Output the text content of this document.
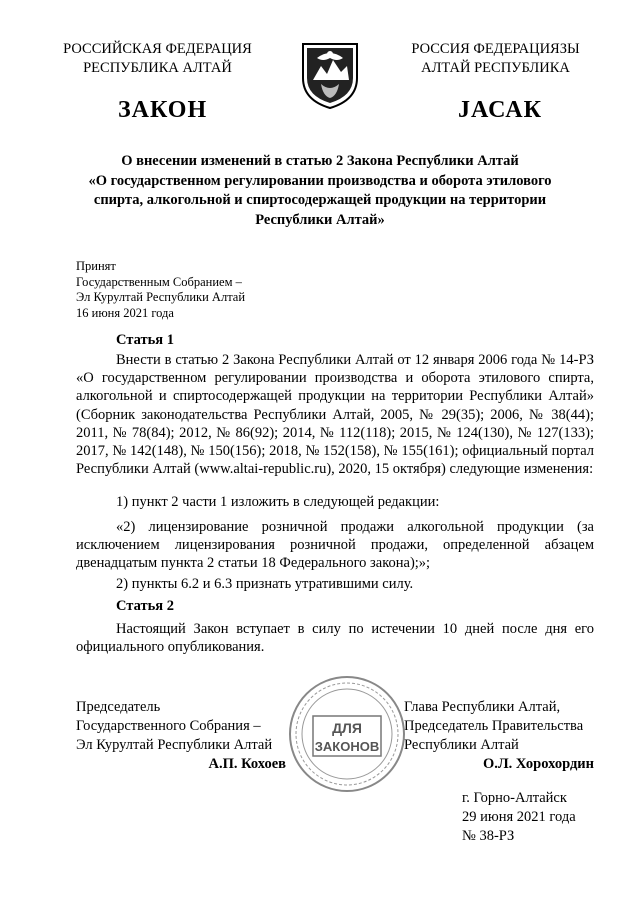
РОССИЙСКАЯ ФЕДЕРАЦИЯ
РЕСПУБЛИКА АЛТАЙ
РОССИЯ ФЕДЕРАЦИЯЗЫ
АЛТАЙ РЕСПУБЛИКА
ЗАКОН	JАСАК
О внесении изменений в статью 2 Закона Республики Алтай
«О государственном регулировании производства и оборота этилового
спирта, алкогольной и спиртосодержащей продукции на территории
Республики Алтай»
Принят
Государственным Собранием –
Эл Курултай Республики Алтай
16 июня 2021 года
Статья 1
Внести в статью 2 Закона Республики Алтай от 12 января 2006 года № 14-РЗ «О государственном регулировании производства и оборота этилового спирта, алкогольной и спиртосодержащей продукции на территории Республики Алтай» (Сборник законодательства Республики Алтай, 2005, № 29(35); 2006, № 38(44); 2011, № 78(84); 2012, № 86(92); 2014, № 112(118); 2015, № 124(130), № 127(133); 2017, № 142(148), № 150(156); 2018, № 152(158), № 155(161); официальный портал Республики Алтай (www.altai-republic.ru), 2020, 15 октября) следующие изменения:
1) пункт 2 части 1 изложить в следующей редакции:
«2) лицензирование розничной продажи алкогольной продукции (за исключением лицензирования розничной продажи, определенной абзацем двенадцатым пункта 2 статьи 18 Федерального закона);»;
2) пункты 6.2 и 6.3 признать утратившими силу.
Статья 2
Настоящий Закон вступает в силу по истечении 10 дней после дня его официального опубликования.
Председатель
Государственного Собрания –
Эл Курултай Республики Алтай
А.П. Кохоев
Глава Республики Алтай,
Председатель Правительства
Республики Алтай
О.Л. Хорохордин
ДЛЯ
ЗАКОНОВ
г. Горно-Алтайск
29 июня 2021 года
№ 38-РЗ
